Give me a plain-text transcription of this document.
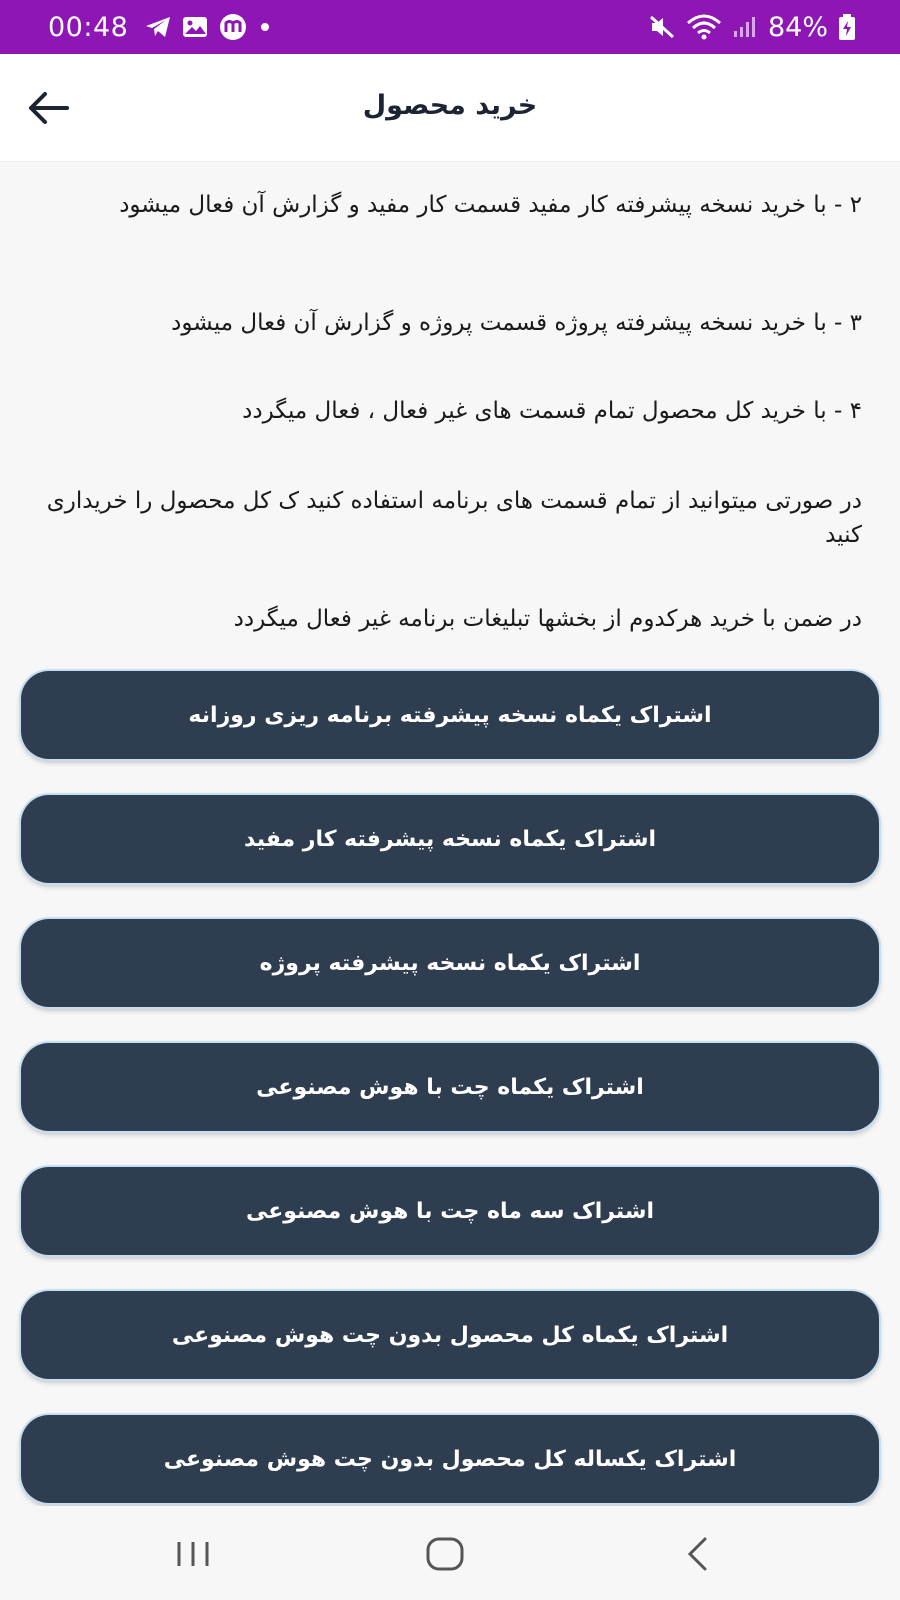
00:48	84%
خرید محصول

۲ - با خرید نسخه پیشرفته کار مفید قسمت کار مفید و گزارش آن فعال میشود

۳ - با خرید نسخه پیشرفته پروژه قسمت پروژه و گزارش آن فعال میشود

۴ - با خرید کل محصول تمام قسمت های غیر فعال ، فعال میگردد

در صورتی میتوانید از تمام قسمت های برنامه استفاده کنید ک کل محصول را خریداری کنید

در ضمن با خرید هرکدوم از بخشها تبلیغات برنامه غیر فعال میگردد

اشتراک یکماه نسخه پیشرفته برنامه ریزی روزانه
اشتراک یکماه نسخه پیشرفته کار مفید
اشتراک یکماه نسخه پیشرفته پروژه
اشتراک یکماه چت با هوش مصنوعی
اشتراک سه ماه چت با هوش مصنوعی
اشتراک یکماه کل محصول بدون چت هوش مصنوعی
اشتراک یکساله کل محصول بدون چت هوش مصنوعی
